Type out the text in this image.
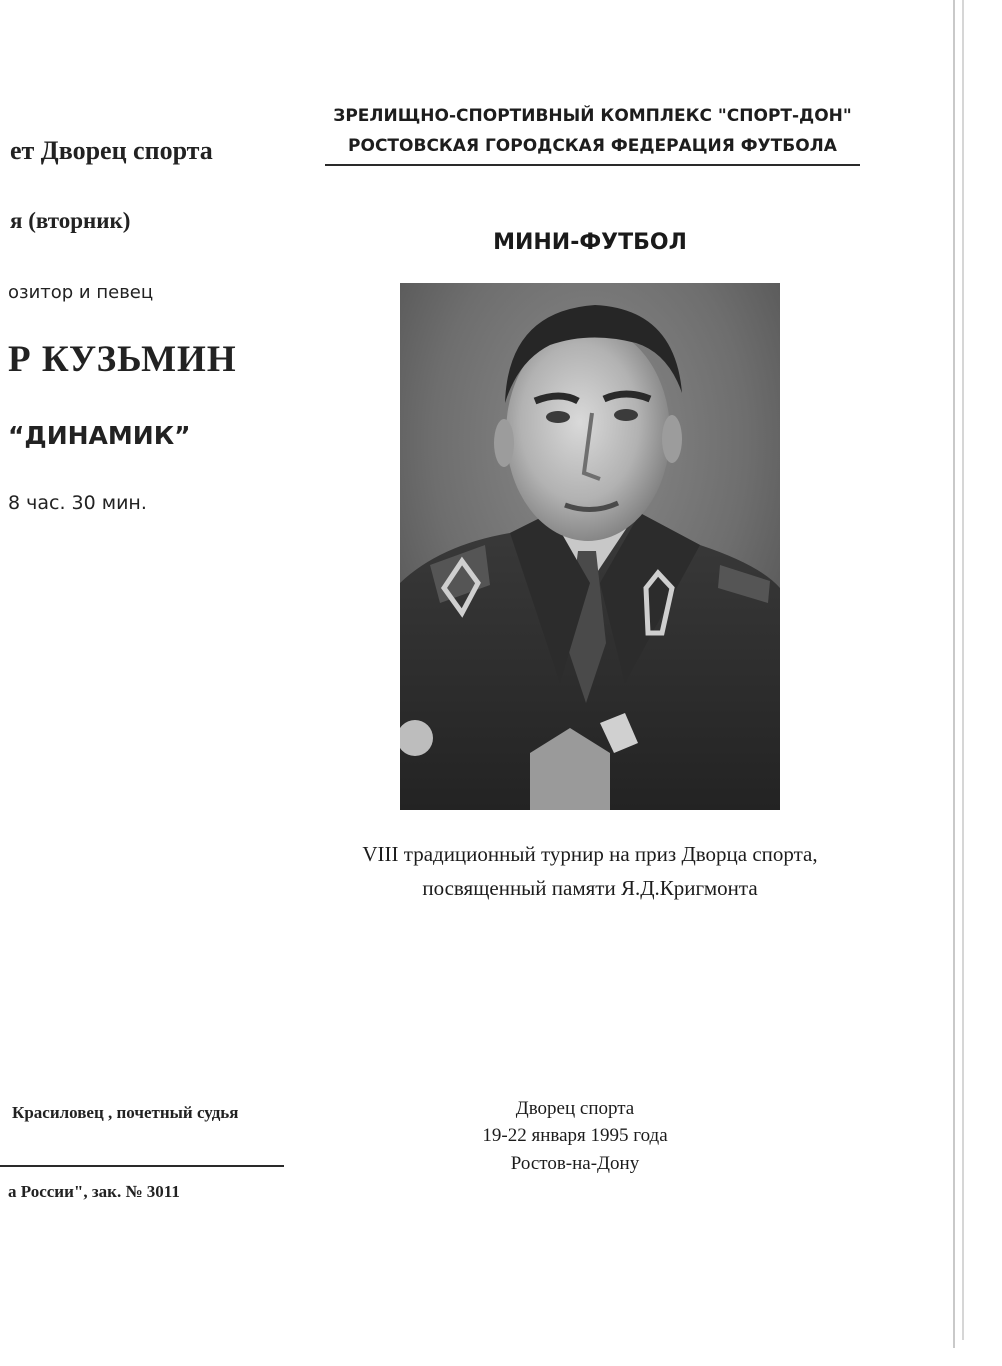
ет Дворец спорта
я (вторник)
озитор и певец
Р КУЗЬМИН
“ДИНАМИК”
8 час. 30 мин.
Красиловец , почетный судья
а России", зак. № 3011
ЗРЕЛИЩНО-СПОРТИВНЫЙ КОМПЛЕКС "СПОРТ-ДОН"
РОСТОВСКАЯ ГОРОДСКАЯ ФЕДЕРАЦИЯ ФУТБОЛА
МИНИ-ФУТБОЛ
VIII традиционный турнир на приз Дворца спорта,
посвященный памяти Я.Д.Кригмонта
Дворец спорта
19-22 января 1995 года
Ростов-на-Дону
